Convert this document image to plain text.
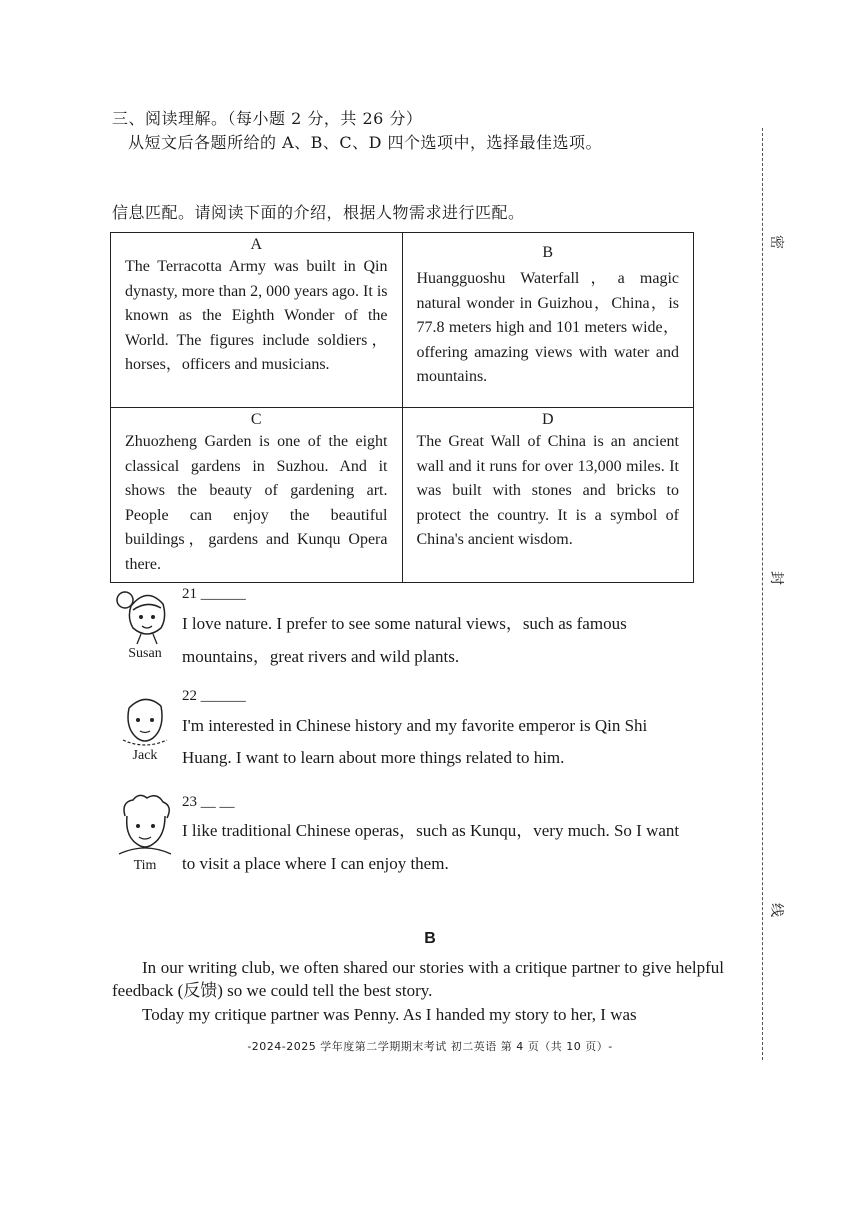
三、阅读理解。（每小题 2 分，共 26 分）
从短文后各题所给的 A、B、C、D 四个选项中，选择最佳选项。
信息匹配。请阅读下面的介绍，根据人物需求进行匹配。
A
The Terracotta Army was built in Qin dynasty, more than 2, 000 years ago. It is known as the Eighth Wonder of the World. The figures include soldiers，horses，officers and musicians.	B
Huangguoshu Waterfall，a magic natural wonder in Guizhou，China，is 77.8 meters high and 101 meters wide，offering amazing views with water and mountains.

C
Zhuozheng Garden is one of the eight classical gardens in Suzhou. And it shows the beauty of gardening art. People can enjoy the beautiful buildings，gardens and Kunqu Opera there.	D
The Great Wall of China is an ancient wall and it runs for over 13,000 miles. It was built with stones and bricks to protect the country. It is a symbol of China's ancient wisdom.
Susan
21 ______
I love nature. I prefer to see some natural views，such as famous
mountains，great rivers and wild plants.
Jack
22 ______
I'm interested in Chinese history and my favorite emperor is Qin Shi
Huang. I want to learn about more things related to him.
Tim
23 __ __
I like traditional Chinese operas，such as Kunqu，very much. So I want
to visit a place where I can enjoy them.
B
In our writing club, we often shared our stories with a critique partner to give helpful feedback (反馈) so we could tell the best story.
Today my critique partner was Penny. As I handed my story to her, I was
-2024-2025 学年度第二学期期末考试 初二英语 第 4 页（共 10 页）-
密
封
线
